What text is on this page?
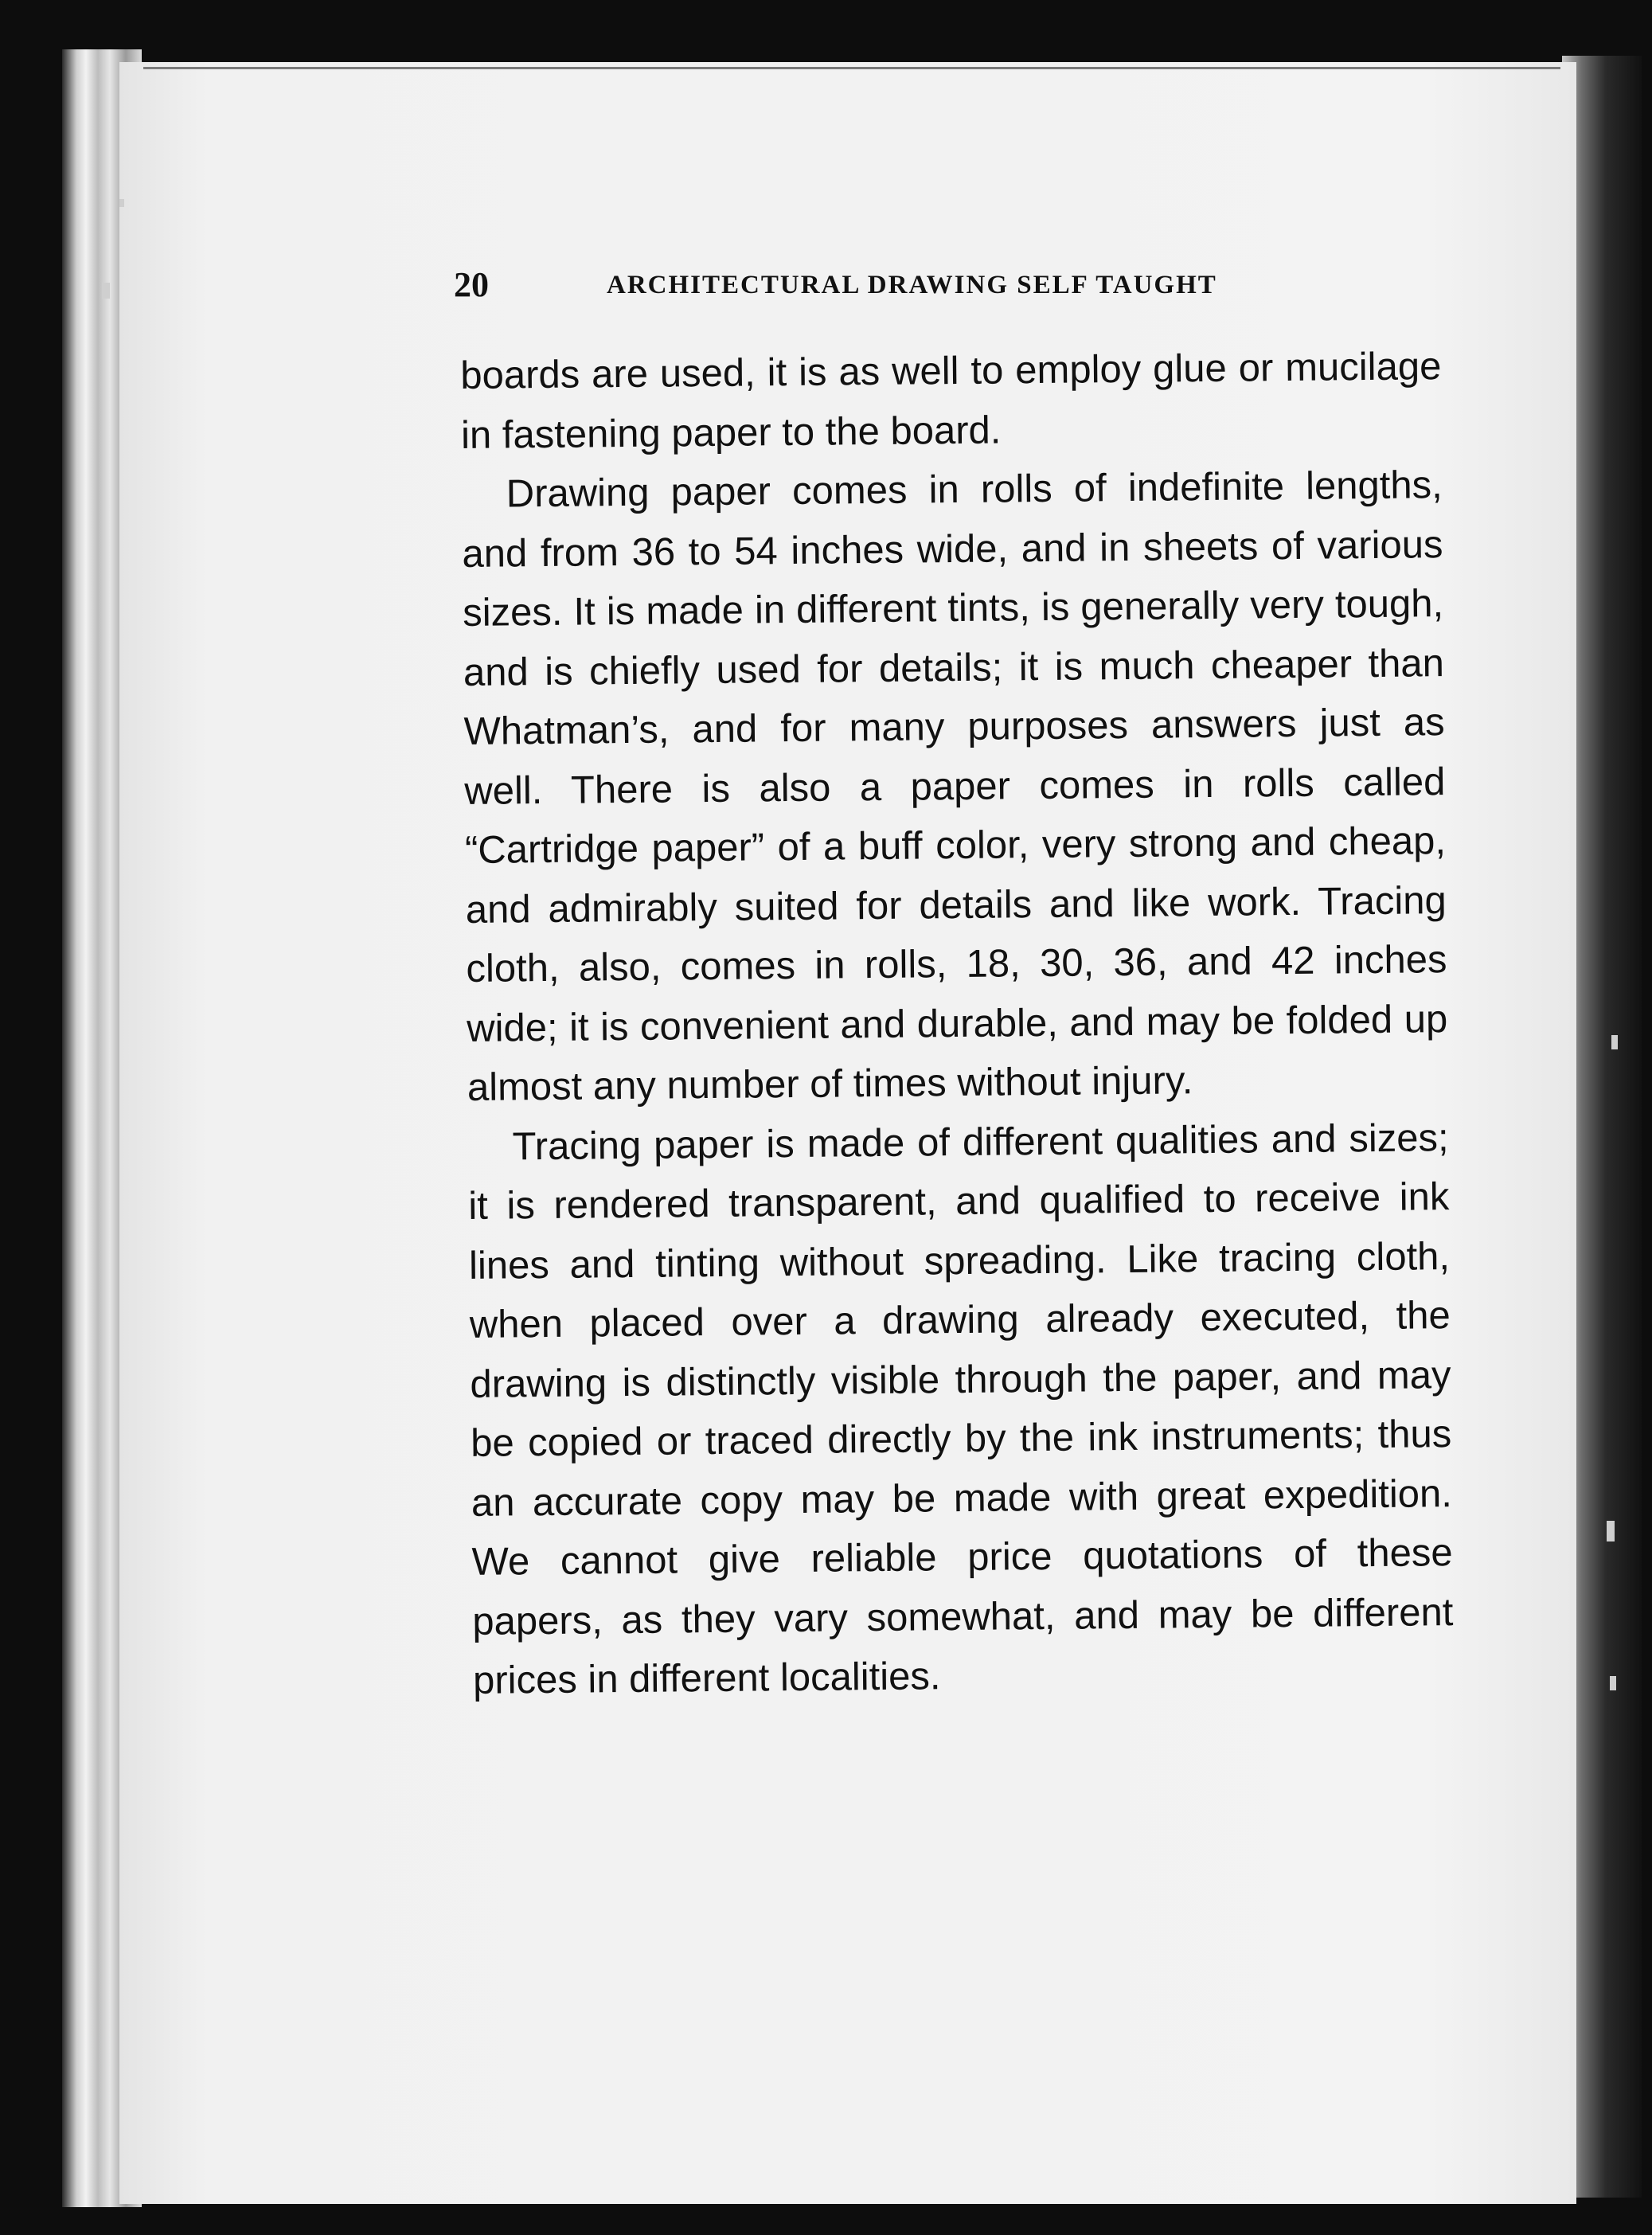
20	ARCHITECTURAL DRAWING SELF TAUGHT

boards are used, it is as well to employ glue or mucilage in fastening paper to the board.

Drawing paper comes in rolls of indefinite lengths, and from 36 to 54 inches wide, and in sheets of various sizes. It is made in different tints, is generally very tough, and is chiefly used for details; it is much cheaper than Whatman’s, and for many purposes answers just as well. There is also a paper comes in rolls called “Cartridge paper” of a buff color, very strong and cheap, and admirably suited for details and like work. Tracing cloth, also, comes in rolls, 18, 30, 36, and 42 inches wide; it is convenient and durable, and may be folded up almost any number of times without injury.

Tracing paper is made of different qualities and sizes; it is rendered transparent, and qualified to receive ink lines and tinting without spreading. Like tracing cloth, when placed over a drawing already executed, the drawing is distinctly visible through the paper, and may be copied or traced directly by the ink instruments; thus an accurate copy may be made with great expedition. We cannot give reliable price quotations of these papers, as they vary somewhat, and may be different prices in different localities.
